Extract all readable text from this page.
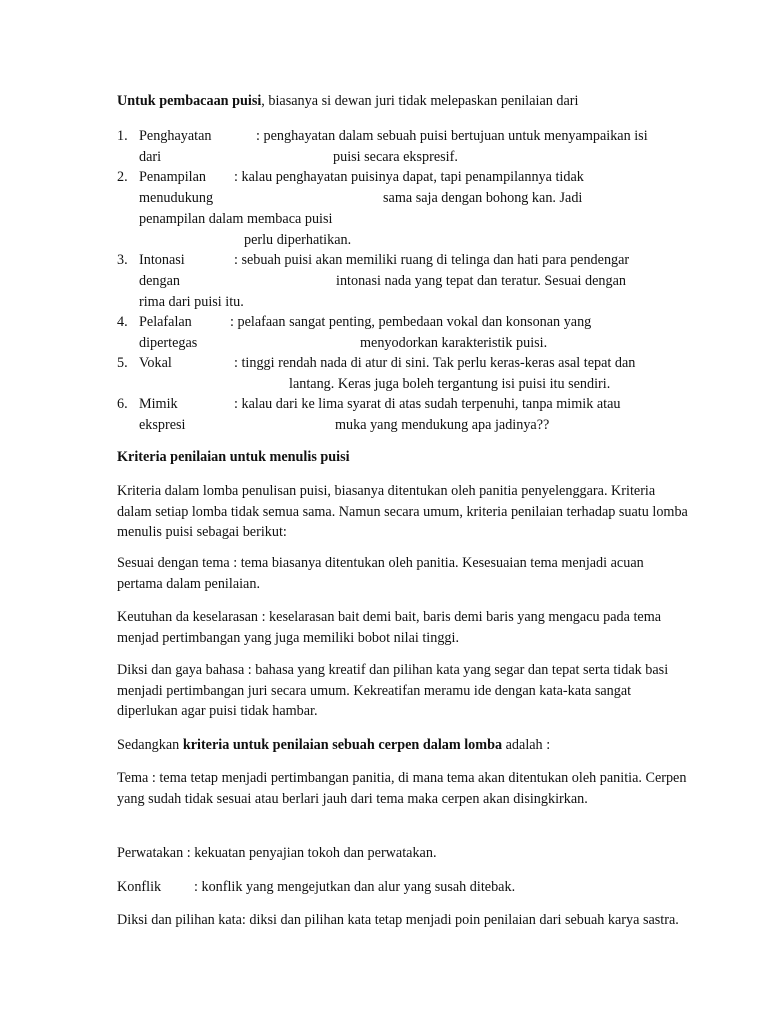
Untuk pembacaan puisi, biasanya si dewan juri tidak melepaskan penilaian dari

1. Penghayatan	: penghayatan dalam sebuah puisi bertujuan untuk menyampaikan isi
dari	puisi secara ekspresif.
2. Penampilan : kalau penghayatan puisinya dapat, tapi penampilannya tidak
menudukung	sama saja dengan bohong kan. Jadi
penampilan dalam membaca puisi
perlu diperhatikan.
3. Intonasi	: sebuah puisi akan memiliki ruang di telinga dan hati para pendengar
dengan	intonasi nada yang tepat dan teratur. Sesuai dengan
rima dari puisi itu.
4. Pelafalan	: pelafaan sangat penting, pembedaan vokal dan konsonan yang
dipertegas	menyodorkan karakteristik puisi.
5. Vokal	: tinggi rendah nada di atur di sini. Tak perlu keras-keras asal tepat dan
lantang. Keras juga boleh tergantung isi puisi itu sendiri.
6. Mimik	: kalau dari ke lima syarat di atas sudah terpenuhi, tanpa mimik atau
ekspresi	muka yang mendukung apa jadinya??

Kriteria penilaian untuk menulis puisi

Kriteria dalam lomba penulisan puisi, biasanya ditentukan oleh panitia penyelenggara. Kriteria dalam setiap lomba tidak semua sama. Namun secara umum, kriteria penilaian terhadap suatu lomba menulis puisi sebagai berikut:

Sesuai dengan tema : tema biasanya ditentukan oleh panitia. Kesesuaian tema menjadi acuan pertama dalam penilaian.

Keutuhan da keselarasan : keselarasan bait demi bait, baris demi baris yang mengacu pada tema menjad pertimbangan yang juga memiliki bobot nilai tinggi.

Diksi dan gaya bahasa : bahasa yang kreatif dan pilihan kata yang segar dan tepat serta tidak basi menjadi pertimbangan juri secara umum. Kekreatifan meramu ide dengan kata-kata sangat diperlukan agar puisi tidak hambar.

Sedangkan kriteria untuk penilaian sebuah cerpen dalam lomba adalah :

Tema : tema tetap menjadi pertimbangan panitia, di mana tema akan ditentukan oleh panitia. Cerpen yang sudah tidak sesuai atau berlari jauh dari tema maka cerpen akan disingkirkan.

Perwatakan : kekuatan penyajian tokoh dan perwatakan.

Konflik : konflik yang mengejutkan dan alur yang susah ditebak.

Diksi dan pilihan kata: diksi dan pilihan kata tetap menjadi poin penilaian dari sebuah karya sastra.
